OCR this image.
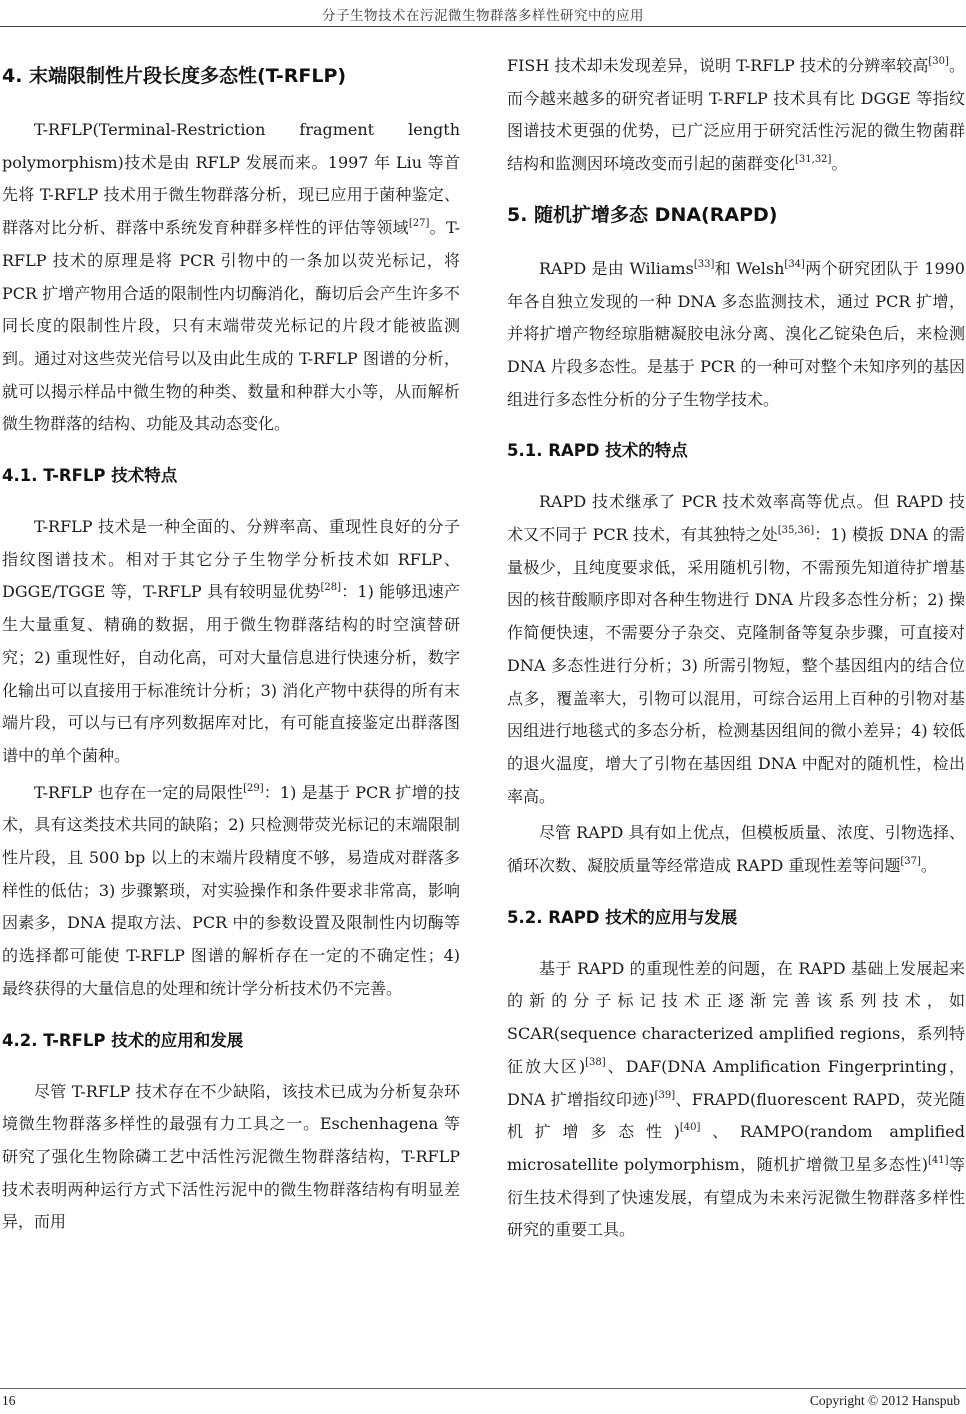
分子生物技术在污泥微生物群落多样性研究中的应用
4. 末端限制性片段长度多态性(T-RFLP)

T-RFLP(Terminal-Restriction fragment length polymorphism)技术是由 RFLP 发展而来。1997 年 Liu 等首先将 T-RFLP 技术用于微生物群落分析，现已应用于菌种鉴定、群落对比分析、群落中系统发育种群多样性的评估等领域[27]。T-RFLP 技术的原理是将 PCR 引物中的一条加以荧光标记，将 PCR 扩增产物用合适的限制性内切酶消化，酶切后会产生许多不同长度的限制性片段，只有末端带荧光标记的片段才能被监测到。通过对这些荧光信号以及由此生成的 T-RFLP 图谱的分析，就可以揭示样品中微生物的种类、数量和种群大小等，从而解析微生物群落的结构、功能及其动态变化。

4.1. T-RFLP 技术特点

T-RFLP 技术是一种全面的、分辨率高、重现性良好的分子指纹图谱技术。相对于其它分子生物学分析技术如 RFLP、DGGE/TGGE 等，T-RFLP 具有较明显优势[28]：1) 能够迅速产生大量重复、精确的数据，用于微生物群落结构的时空演替研究；2) 重现性好，自动化高，可对大量信息进行快速分析，数字化输出可以直接用于标准统计分析；3) 消化产物中获得的所有末端片段，可以与已有序列数据库对比，有可能直接鉴定出群落图谱中的单个菌种。

T-RFLP 也存在一定的局限性[29]：1) 是基于 PCR 扩增的技术，具有这类技术共同的缺陷；2) 只检测带荧光标记的末端限制性片段，且 500 bp 以上的末端片段精度不够，易造成对群落多样性的低估；3) 步骤繁琐，对实验操作和条件要求非常高，影响因素多，DNA 提取方法、PCR 中的参数设置及限制性内切酶等的选择都可能使 T-RFLP 图谱的解析存在一定的不确定性；4) 最终获得的大量信息的处理和统计学分析技术仍不完善。

4.2. T-RFLP 技术的应用和发展

尽管 T-RFLP 技术存在不少缺陷，该技术已成为分析复杂环境微生物群落多样性的最强有力工具之一。Eschenhagena 等研究了强化生物除磷工艺中活性污泥微生物群落结构，T-RFLP 技术表明两种运行方式下活性污泥中的微生物群落结构有明显差异，而用

FISH 技术却未发现差异，说明 T-RFLP 技术的分辨率较高[30]。而今越来越多的研究者证明 T-RFLP 技术具有比 DGGE 等指纹图谱技术更强的优势，已广泛应用于研究活性污泥的微生物菌群结构和监测因环境改变而引起的菌群变化[31,32]。

5. 随机扩增多态 DNA(RAPD)

RAPD 是由 Wiliams[33]和 Welsh[34]两个研究团队于 1990 年各自独立发现的一种 DNA 多态监测技术，通过 PCR 扩增，并将扩增产物经琼脂糖凝胶电泳分离、溴化乙锭染色后，来检测 DNA 片段多态性。是基于 PCR 的一种可对整个未知序列的基因组进行多态性分析的分子生物学技术。

5.1. RAPD 技术的特点

RAPD 技术继承了 PCR 技术效率高等优点。但 RAPD 技术又不同于 PCR 技术，有其独特之处[35,36]：1) 模扳 DNA 的需量极少，且纯度要求低，采用随机引物，不需预先知道待扩增基因的核苷酸顺序即对各种生物进行 DNA 片段多态性分析；2) 操作简便快速，不需要分子杂交、克隆制备等复杂步骤，可直接对 DNA 多态性进行分析；3) 所需引物短，整个基因组内的结合位点多，覆盖率大，引物可以混用，可综合运用上百种的引物对基因组进行地毯式的多态分析，检测基因组间的微小差异；4) 较低的退火温度，增大了引物在基因组 DNA 中配对的随机性，检出率高。

尽管 RAPD 具有如上优点，但模板质量、浓度、引物选择、循环次数、凝胶质量等经常造成 RAPD 重现性差等问题[37]。

5.2. RAPD 技术的应用与发展

基于 RAPD 的重现性差的问题，在 RAPD 基础上发展起来的新的分子标记技术正逐渐完善该系列技术，如 SCAR(sequence characterized amplified regions，系列特征放大区)[38]、DAF(DNA Amplification Fingerprinting，DNA 扩增指纹印迹)[39]、FRAPD(fluorescent RAPD，荧光随机扩增多态性)[40]、RAMPO(random amplified microsatellite polymorphism，随机扩增微卫星多态性)[41]等衍生技术得到了快速发展，有望成为未来污泥微生物群落多样性研究的重要工具。

16	Copyright © 2012 Hanspub
